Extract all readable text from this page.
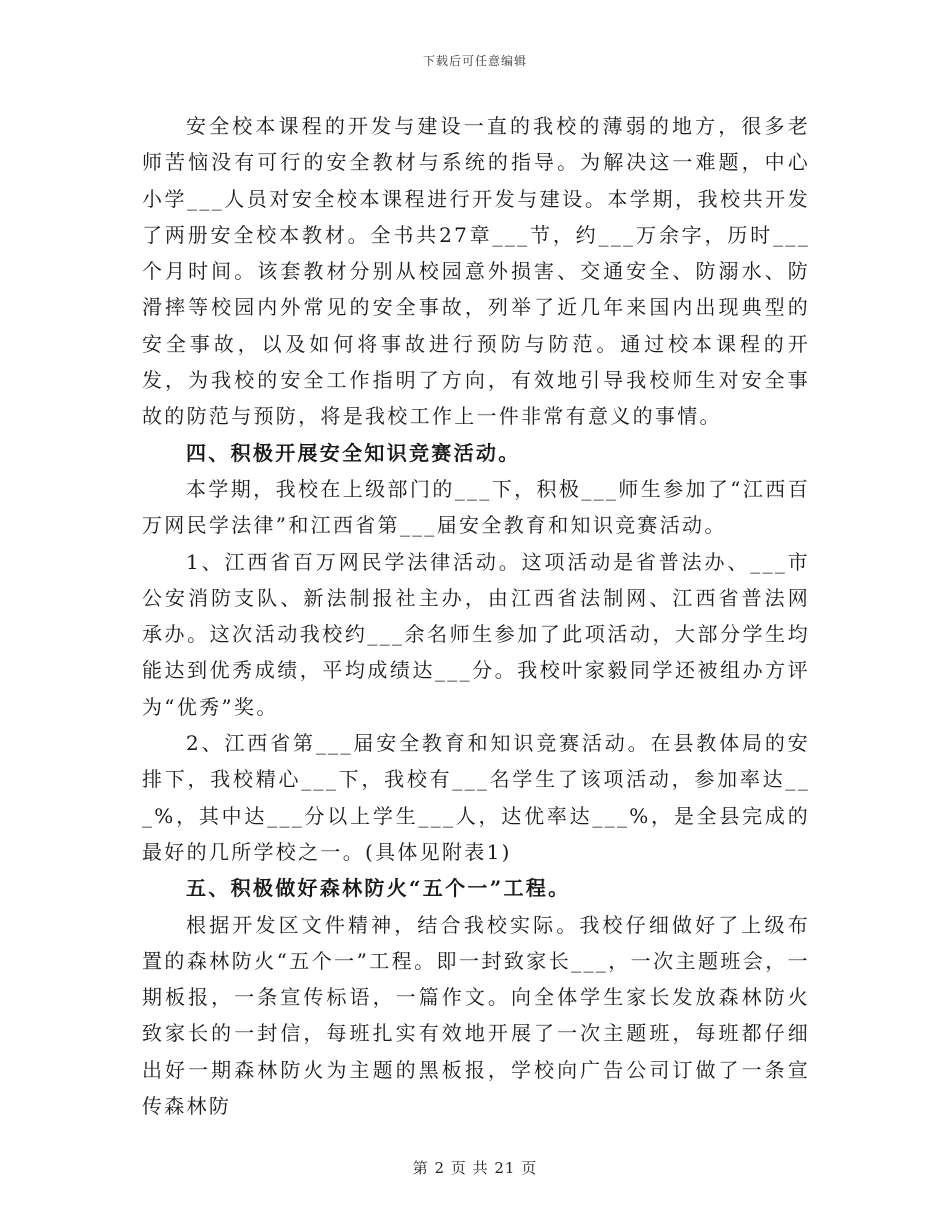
下载后可任意编辑

安全校本课程的开发与建设一直的我校的薄弱的地方，很多老师苦恼没有可行的安全教材与系统的指导。为解决这一难题，中心小学___人员对安全校本课程进行开发与建设。本学期，我校共开发了两册安全校本教材。全书共27章___节，约___万余字，历时___个月时间。该套教材分别从校园意外损害、交通安全、防溺水、防滑摔等校园内外常见的安全事故，列举了近几年来国内出现典型的安全事故，以及如何将事故进行预防与防范。通过校本课程的开发，为我校的安全工作指明了方向，有效地引导我校师生对安全事故的防范与预防，将是我校工作上一件非常有意义的事情。

四、积极开展安全知识竞赛活动。

本学期，我校在上级部门的___下，积极___师生参加了“江西百万网民学法律”和江西省第___届安全教育和知识竞赛活动。

1、江西省百万网民学法律活动。这项活动是省普法办、___市公安消防支队、新法制报社主办，由江西省法制网、江西省普法网承办。这次活动我校约___余名师生参加了此项活动，大部分学生均能达到优秀成绩，平均成绩达___分。我校叶家毅同学还被组办方评为“优秀”奖。

2、江西省第___届安全教育和知识竞赛活动。在县教体局的安排下，我校精心___下，我校有___名学生了该项活动，参加率达___%，其中达___分以上学生___人，达优率达___%，是全县完成的最好的几所学校之一。(具体见附表1)

五、积极做好森林防火“五个一”工程。

根据开发区文件精神，结合我校实际。我校仔细做好了上级布置的森林防火“五个一”工程。即一封致家长___，一次主题班会，一期板报，一条宣传标语，一篇作文。向全体学生家长发放森林防火致家长的一封信，每班扎实有效地开展了一次主题班，每班都仔细出好一期森林防火为主题的黑板报，学校向广告公司订做了一条宣传森林防

第 2 页 共 21 页
